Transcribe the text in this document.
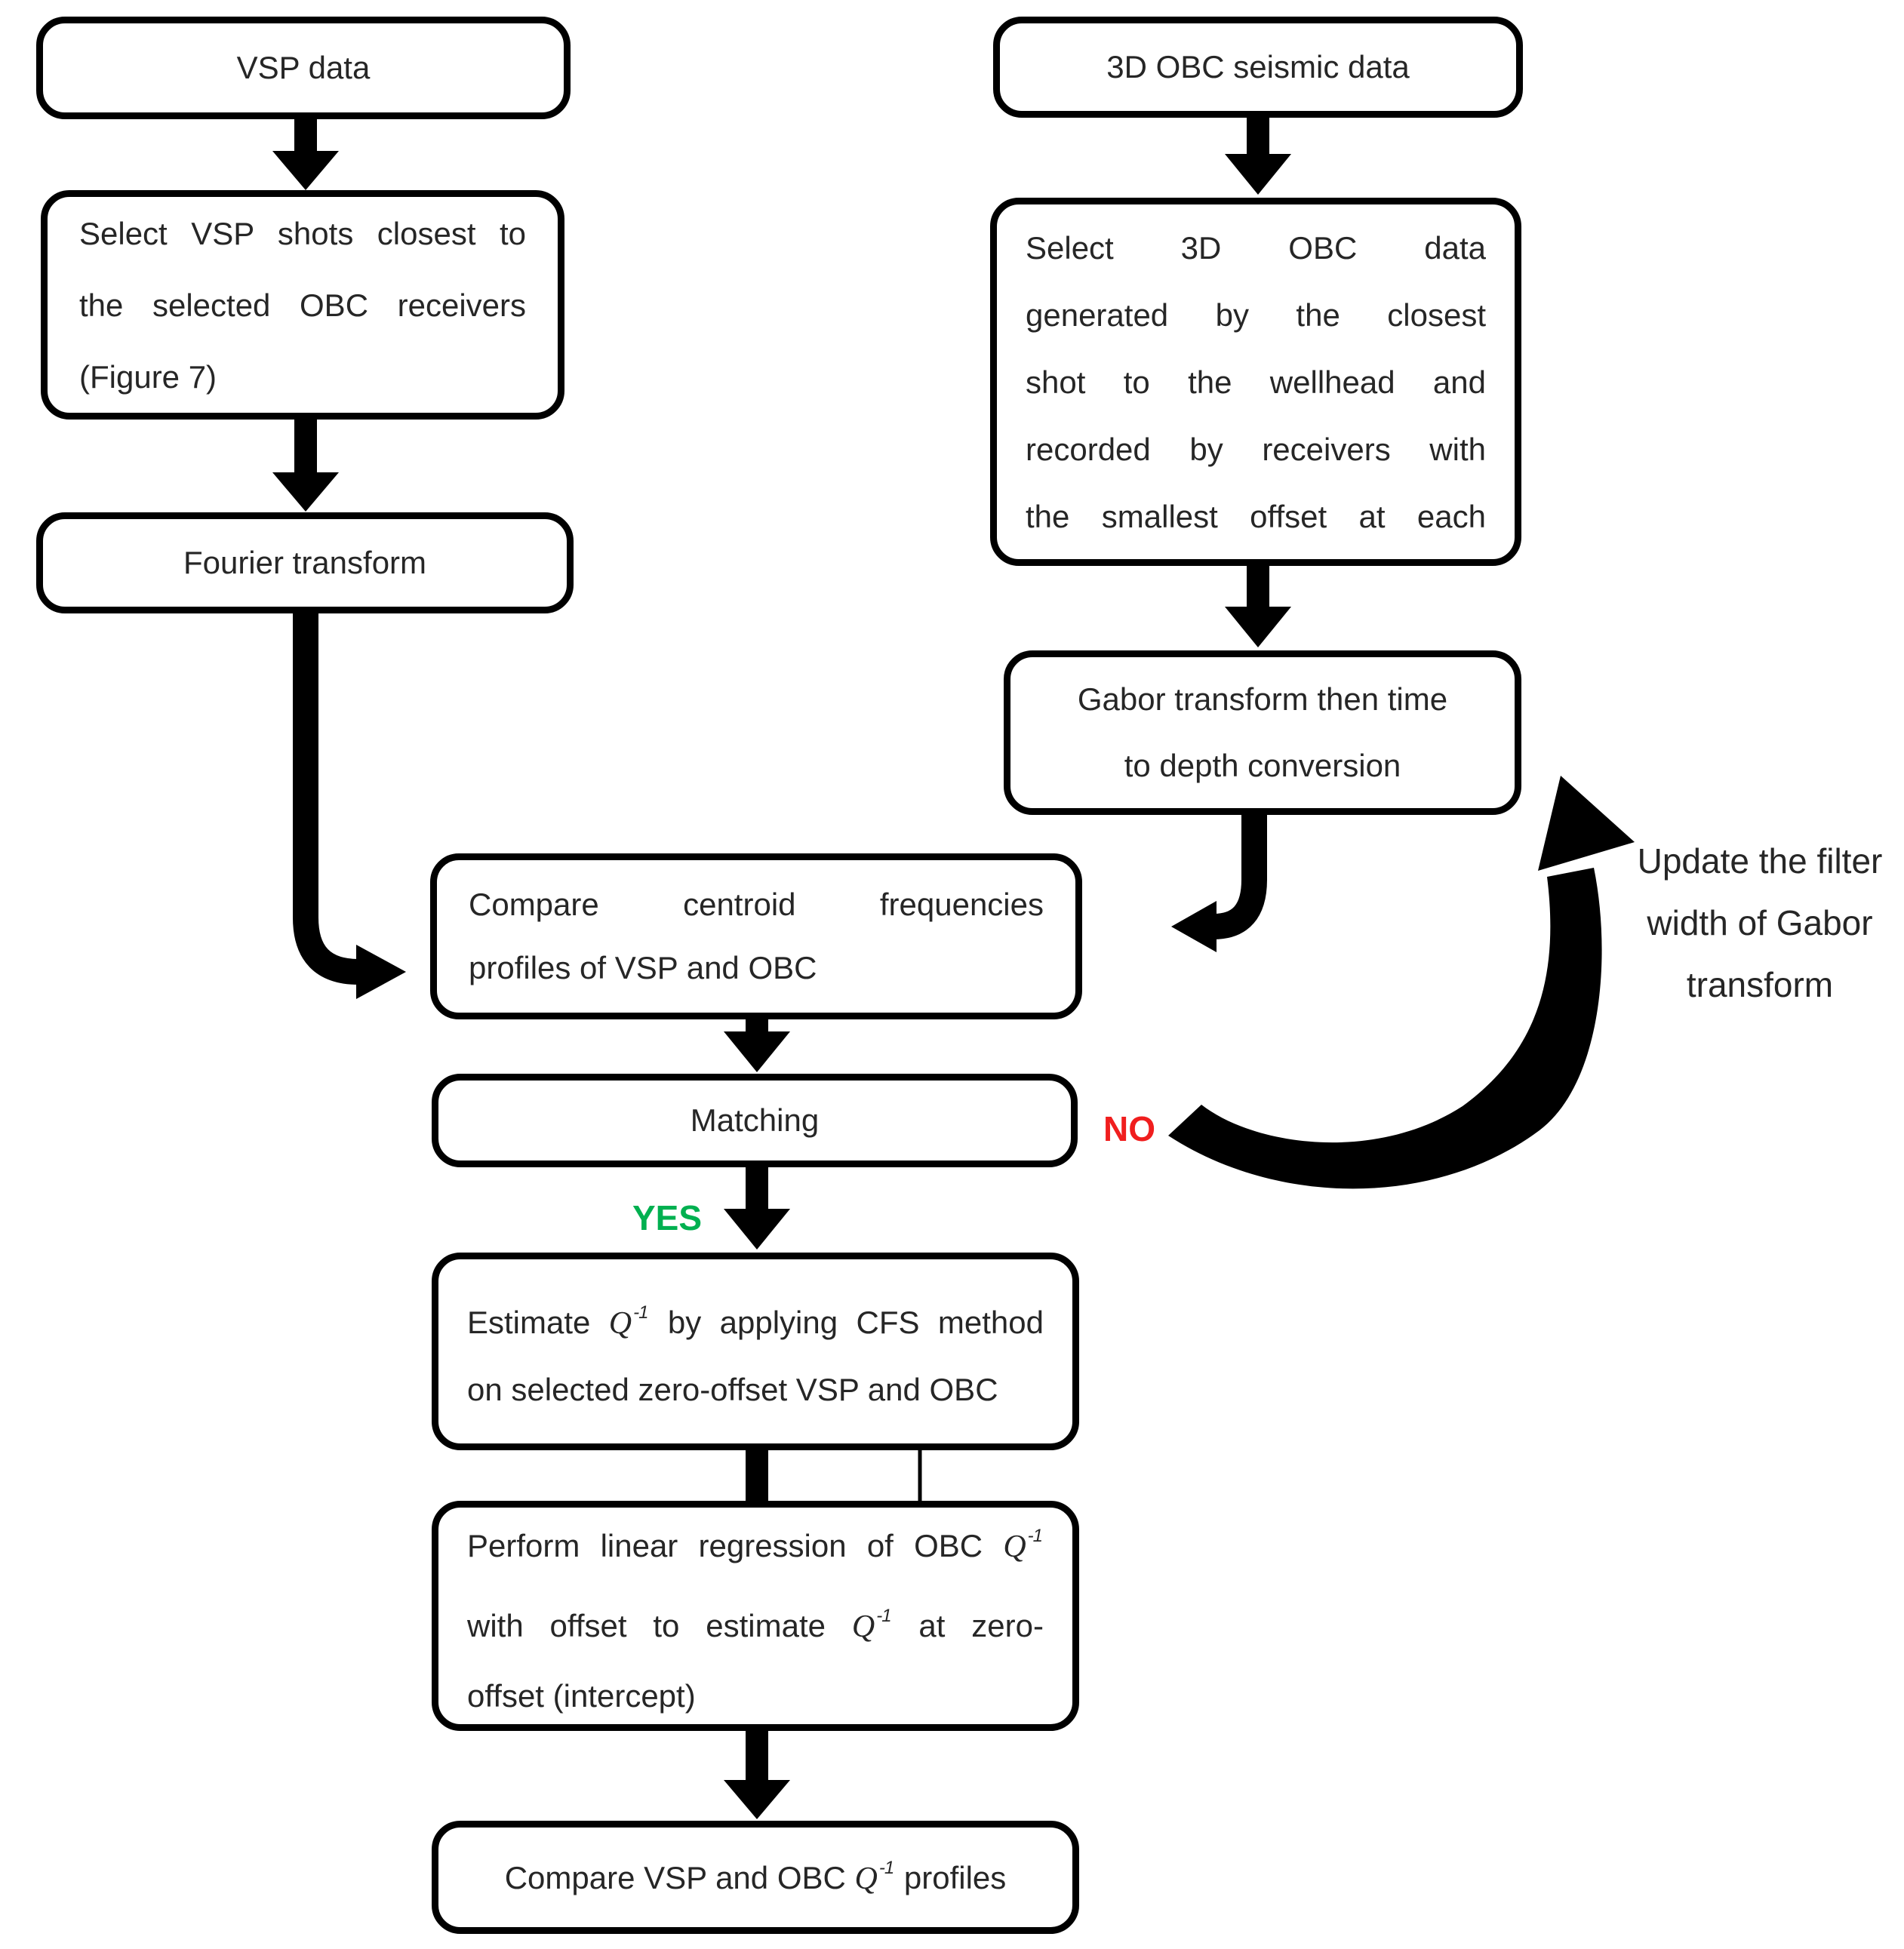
VSP data
Select VSP shots closest to
the selected OBC receivers
(Figure 7)
Fourier transform
3D OBC seismic data
Select 3D OBC data
generated by the closest
shot to the wellhead and
recorded by receivers with
the smallest offset at each
Gabor transform then time
to depth conversion
Compare centroid frequencies
profiles of VSP and OBC
Matching
Estimate $Q^{-1}$ by applying CFS method
on selected zero-offset VSP and OBC
Perform linear regression of OBC $Q^{-1}$
with offset to estimate $Q^{-1}$ at zero-
offset (intercept)
Compare VSP and OBC $Q^{-1}$ profiles
YES
NO
Update the filter
width of Gabor
transform
